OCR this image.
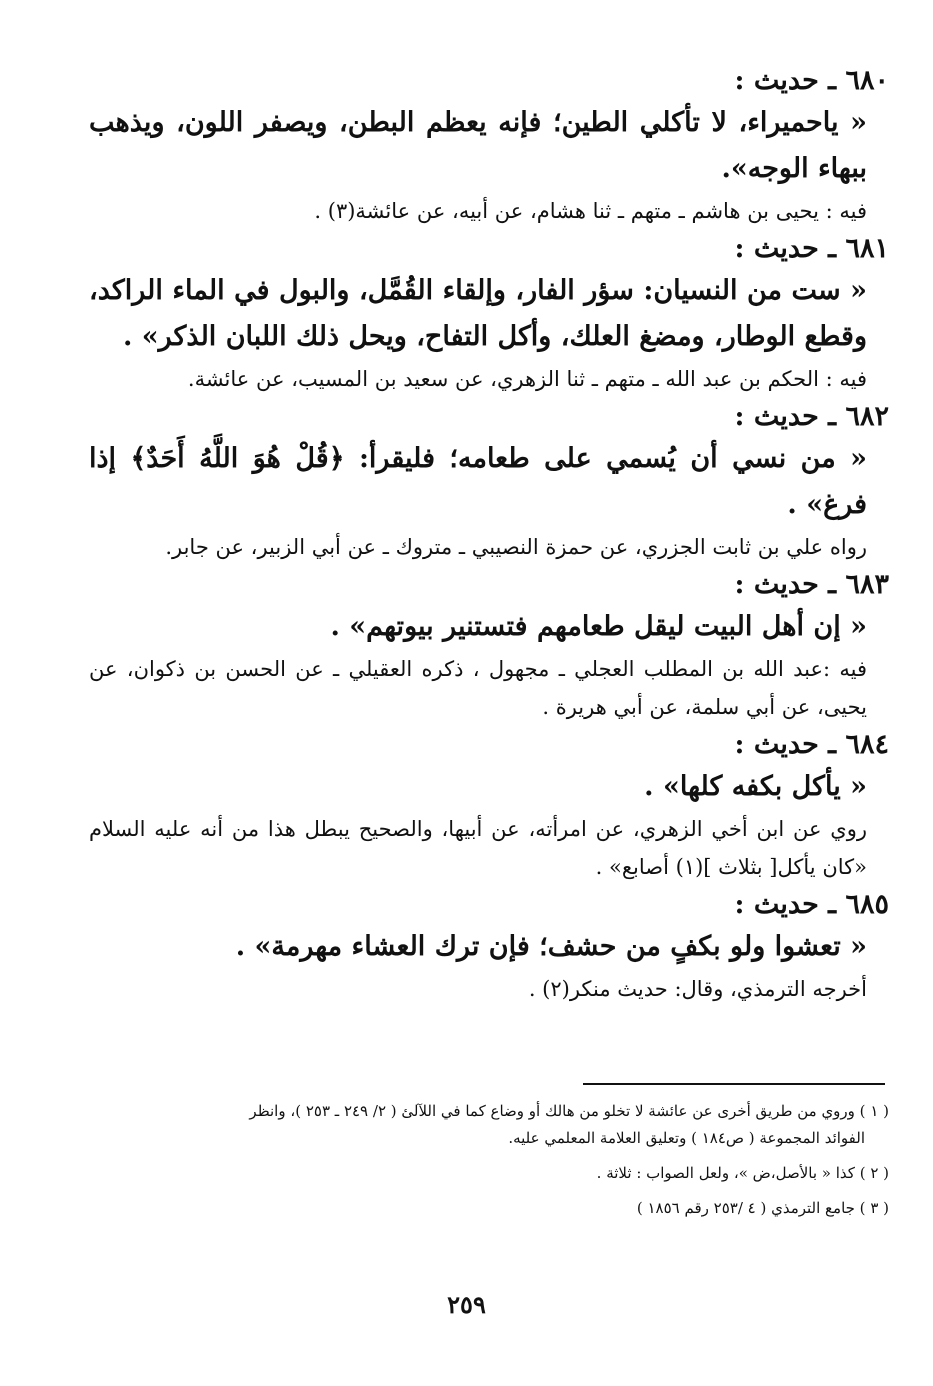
٦٨٠ ـ حديث :
« ياحميراء، لا تأكلي الطين؛ فإنه يعظم البطن، ويصفر اللون، ويذهب ببهاء الوجه».
فيه : يحيى بن هاشم ـ متهم ـ ثنا هشام، عن أبيه، عن عائشة(٣) .
٦٨١ ـ حديث :
« ست من النسيان: سؤر الفار، وإلقاء القُمَّل، والبول في الماء الراكد، وقطع الوطار، ومضغ العلك، وأكل التفاح، ويحل ذلك اللبان الذكر» .
فيه : الحكم بن عبد الله ـ متهم ـ ثنا الزهري، عن سعيد بن المسيب، عن عائشة.
٦٨٢ ـ حديث :
« من نسي أن يُسمي على طعامه؛ فليقرأ: ﴿قُلْ هُوَ اللَّهُ أَحَدٌ﴾ إذا فرغ» .
رواه علي بن ثابت الجزري، عن حمزة النصيبي ـ متروك ـ عن أبي الزبير، عن جابر.
٦٨٣ ـ حديث :
« إن أهل البيت ليقل طعامهم فتستنير بيوتهم» .
فيه :عبد الله بن المطلب العجلي ـ مجهول ، ذكره العقيلي ـ عن الحسن بن ذكوان، عن يحيى، عن أبي سلمة، عن أبي هريرة .
٦٨٤ ـ حديث :
« يأكل بكفه كلها» .
روي عن ابن أخي الزهري، عن امرأته، عن أبيها، والصحيح يبطل هذا من أنه عليه السلام «كان يأكل[ بثلاث ](١) أصابع» .
٦٨٥ ـ حديث :
« تعشوا ولو بكفٍ من حشف؛ فإن ترك العشاء مهرمة» .
أخرجه الترمذي، وقال: حديث منكر(٢) .
( ١ ) وروي من طريق أخرى عن عائشة لا تخلو من هالك أو وضاع كما في اللآلئ ( ٢/ ٢٤٩ ـ ٢٥٣ )، وانظر
الفوائد المجموعة ( ص١٨٤ ) وتعليق العلامة المعلمي عليه.
( ٢ ) كذا « بالأصل،ض »، ولعل الصواب : ثلاثة .
( ٣ ) جامع الترمذي ( ٤ /٢٥٣ رقم ١٨٥٦ )
٢٥٩
